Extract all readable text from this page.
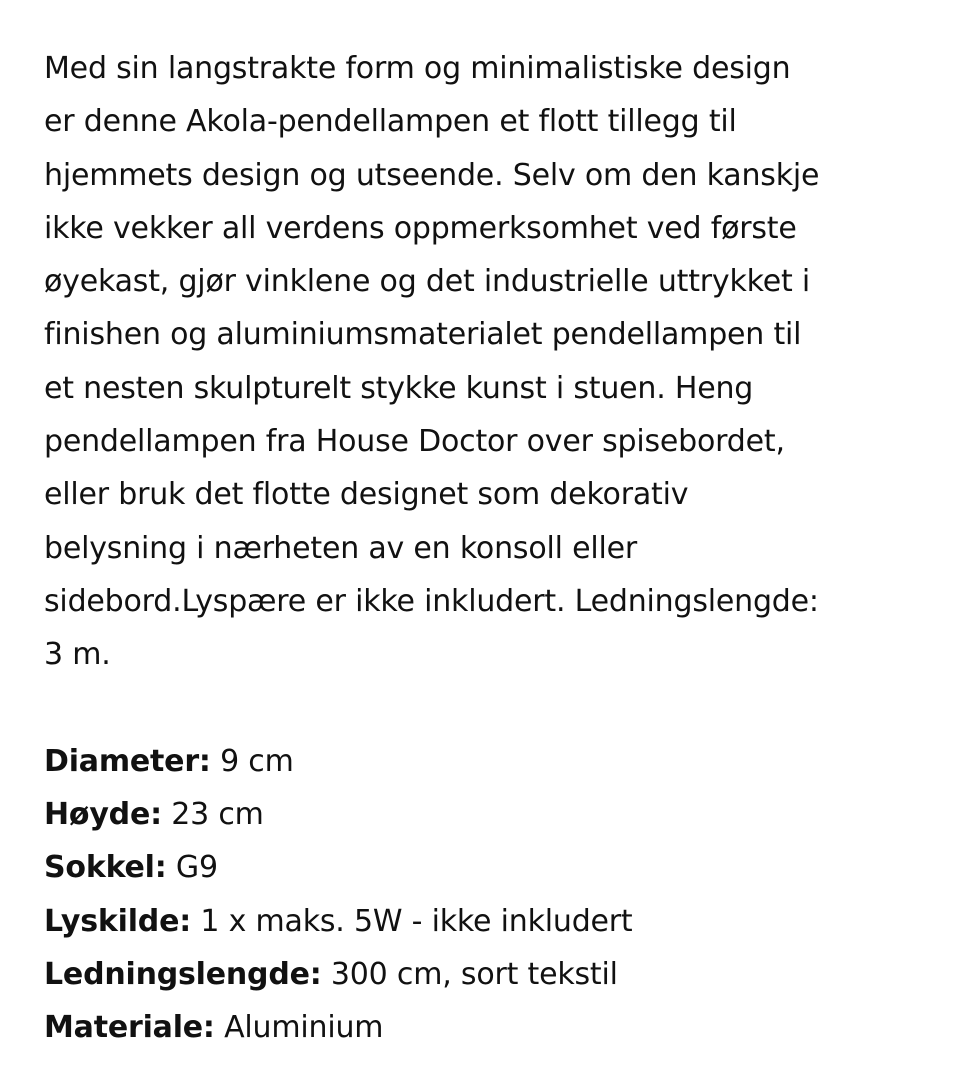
Med sin langstrakte form og minimalistiske design
er denne Akola-pendellampen et flott tillegg til
hjemmets design og utseende. Selv om den kanskje
ikke vekker all verdens oppmerksomhet ved første
øyekast, gjør vinklene og det industrielle uttrykket i
finishen og aluminiumsmaterialet pendellampen til
et nesten skulpturelt stykke kunst i stuen. Heng
pendellampen fra House Doctor over spisebordet,
eller bruk det flotte designet som dekorativ
belysning i nærheten av en konsoll eller
sidebord.Lyspære er ikke inkludert. Ledningslengde:
3 m.
Diameter: 9 cm
Høyde: 23 cm
Sokkel: G9
Lyskilde: 1 x maks. 5W - ikke inkludert
Ledningslengde: 300 cm, sort tekstil
Materiale: Aluminium
